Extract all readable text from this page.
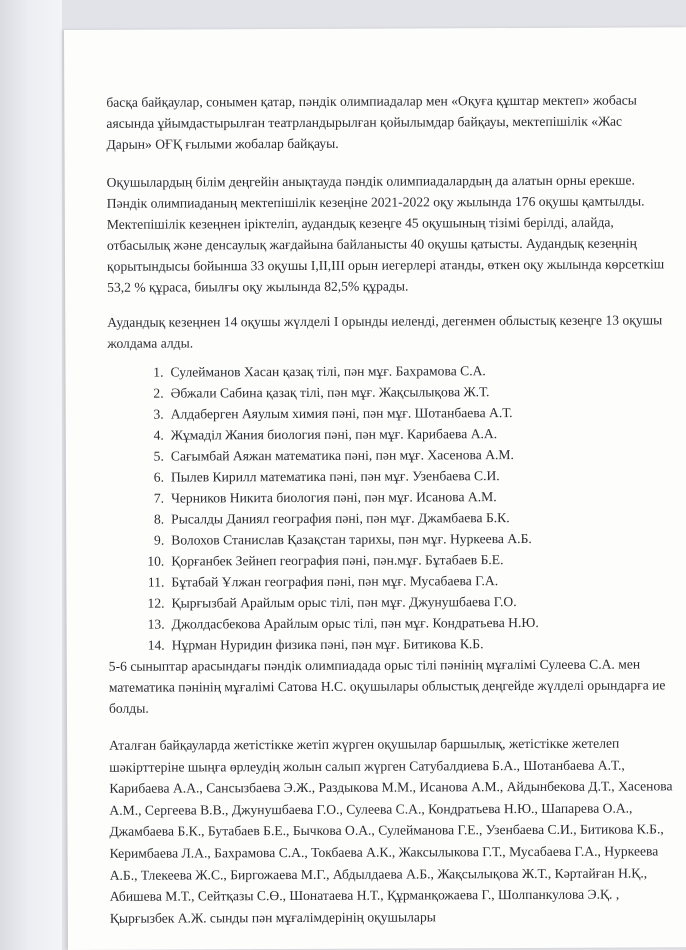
басқа байқаулар, сонымен қатар, пәндік олимпиадалар мен «Оқуға құштар мектеп» жобасы аясында ұйымдастырылған театрландырылған қойылымдар байқауы, мектепішілік «Жас Дарын» ОҒҚ ғылыми жобалар байқауы.

Оқушылардың білім деңгейін анықтауда пәндік олимпиадалардың да алатын орны ерекше. Пәндік олимпиаданың мектепішілік кезеңіне 2021-2022 оқу жылында 176 оқушы қамтылды. Мектепішілік кезеңнен іріктеліп, аудандық кезеңге 45 оқушының тізімі берілді, алайда, отбасылық және денсаулық жағдайына байланысты 40 оқушы қатысты. Аудандық кезеңнің қорытындысы бойынша 33 оқушы I,II,III орын иегерлері атанды, өткен оқу жылында көрсеткіш 53,2 % құраса, биылғы оқу жылында 82,5% құрады.

Аудандық кезеңнен 14 оқушы жүлделі I орынды иеленді, дегенмен облыстық кезеңге 13 оқушы жолдама алды.

1. Сулейманов Хасан қазақ тілі, пән мұғ. Бахрамова С.А.
2. Әбжали Сабина қазақ тілі, пән мұғ. Жақсылықова Ж.Т.
3. Алдаберген Аяулым химия пәні, пән мұғ. Шотанбаева А.Т.
4. Жұмаділ Жания биология пәні, пән мұғ. Карибаева А.А.
5. Сағымбай Аяжан математика пәні, пән мұғ. Хасенова А.М.
6. Пылев Кирилл математика пәні, пән мұғ. Узенбаева С.И.
7. Черников Никита биология пәні, пән мұғ. Исанова А.М.
8. Рысалды Даниял география пәні, пән мұғ. Джамбаева Б.К.
9. Волохов Станислав Қазақстан тарихы, пән мұғ. Нуркеева А.Б.
10. Қорғанбек Зейнеп география пәні, пән.мұғ. Бұтабаев Б.Е.
11. Бұтабай Ұлжан география пәні, пән мұғ. Мусабаева Г.А.
12. Қырғызбай Арайлым орыс тілі, пән мұғ. Джунушбаева Г.О.
13. Джолдасбекова Арайлым орыс тілі, пән мұғ. Кондратьева Н.Ю.
14. Нұрман Нуридин физика пәні, пән мұғ. Битикова К.Б.

5-6 сыныптар арасындағы пәндік олимпиадада орыс тілі пәнінің мұғалімі Сулеева С.А. мен математика пәнінің мұғалімі Сатова Н.С. оқушылары облыстық деңгейде жүлделі орындарға ие болды.

Аталған байқауларда жетістікке жетіп жүрген оқушылар баршылық, жетістікке жетелеп шәкірттеріне шыңға өрлеудің жолын салып жүрген Сатубалдиева Б.А., Шотанбаева А.Т., Карибаева А.А., Сансызбаева Э.Ж., Раздыкова М.М., Исанова А.М., Айдынбекова Д.Т., Хасенова А.М., Сергеева В.В., Джунушбаева Г.О., Сулеева С.А., Кондратьева Н.Ю., Шапарева О.А., Джамбаева Б.К., Бутабаев Б.Е., Бычкова О.А., Сулейманова Г.Е., Узенбаева С.И., Битикова К.Б., Керимбаева Л.А., Бахрамова С.А., Токбаева А.К., Жаксылыкова Г.Т., Мусабаева Г.А., Нуркеева А.Б., Тлекеева Ж.С., Биргожаева М.Г., Абдылдаева А.Б., Жақсылықова Ж.Т., Кәртайған Н.Қ., Абишева М.Т., Сейтқазы С.Ө., Шонатаева Н.Т., Құрманқожаева Г., Шолпанкулова Э.Қ. , Қырғызбек А.Ж. сынды пән мұғалімдерінің оқушылары
